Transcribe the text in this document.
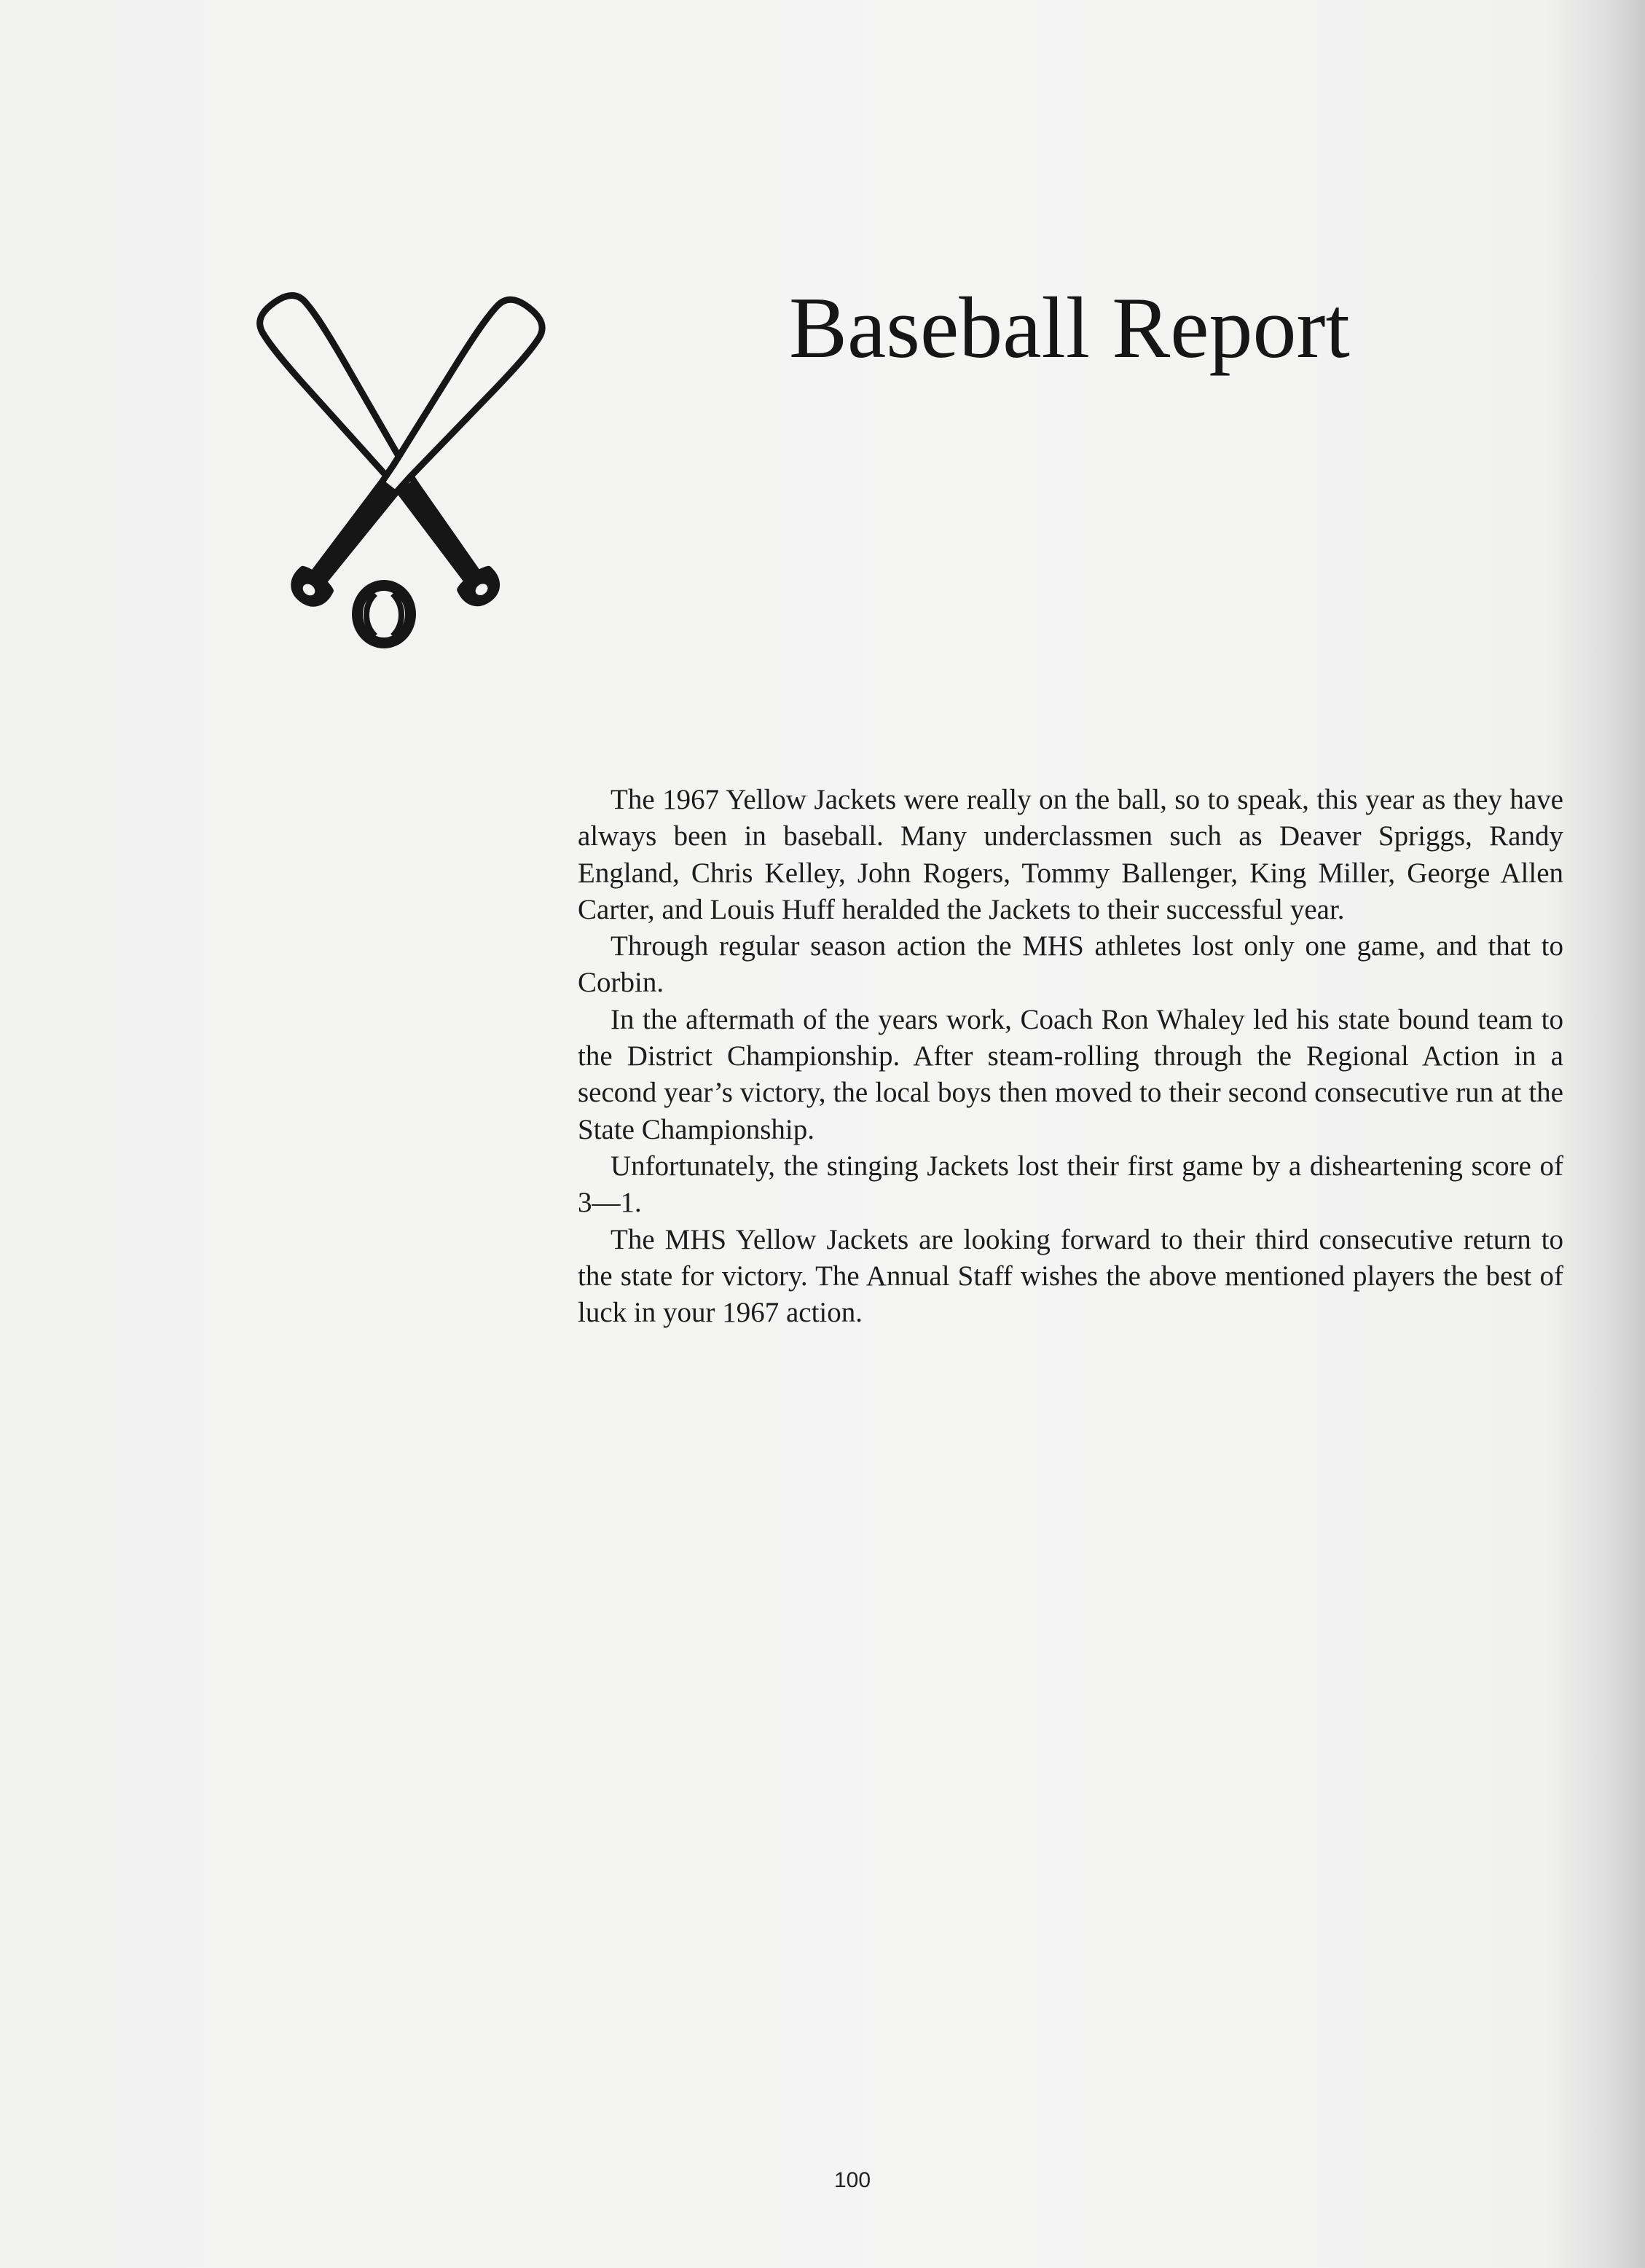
Baseball Report

The 1967 Yellow Jackets were really on the ball, so to speak, this year as they have always been in baseball. Many underclassmen such as Deaver Spriggs, Randy England, Chris Kelley, John Rogers, Tommy Ballenger, King Miller, George Allen Carter, and Louis Huff heralded the Jackets to their successful year.

Through regular season action the MHS athletes lost only one game, and that to Corbin.

In the aftermath of the years work, Coach Ron Whaley led his state bound team to the District Championship. After steam-rolling through the Regional Action in a second year’s victory, the local boys then moved to their second consecutive run at the State Championship.

Unfortunately, the stinging Jackets lost their first game by a disheartening score of 3—1.

The MHS Yellow Jackets are looking forward to their third consecutive return to the state for victory. The Annual Staff wishes the above mentioned players the best of luck in your 1967 action.

100
